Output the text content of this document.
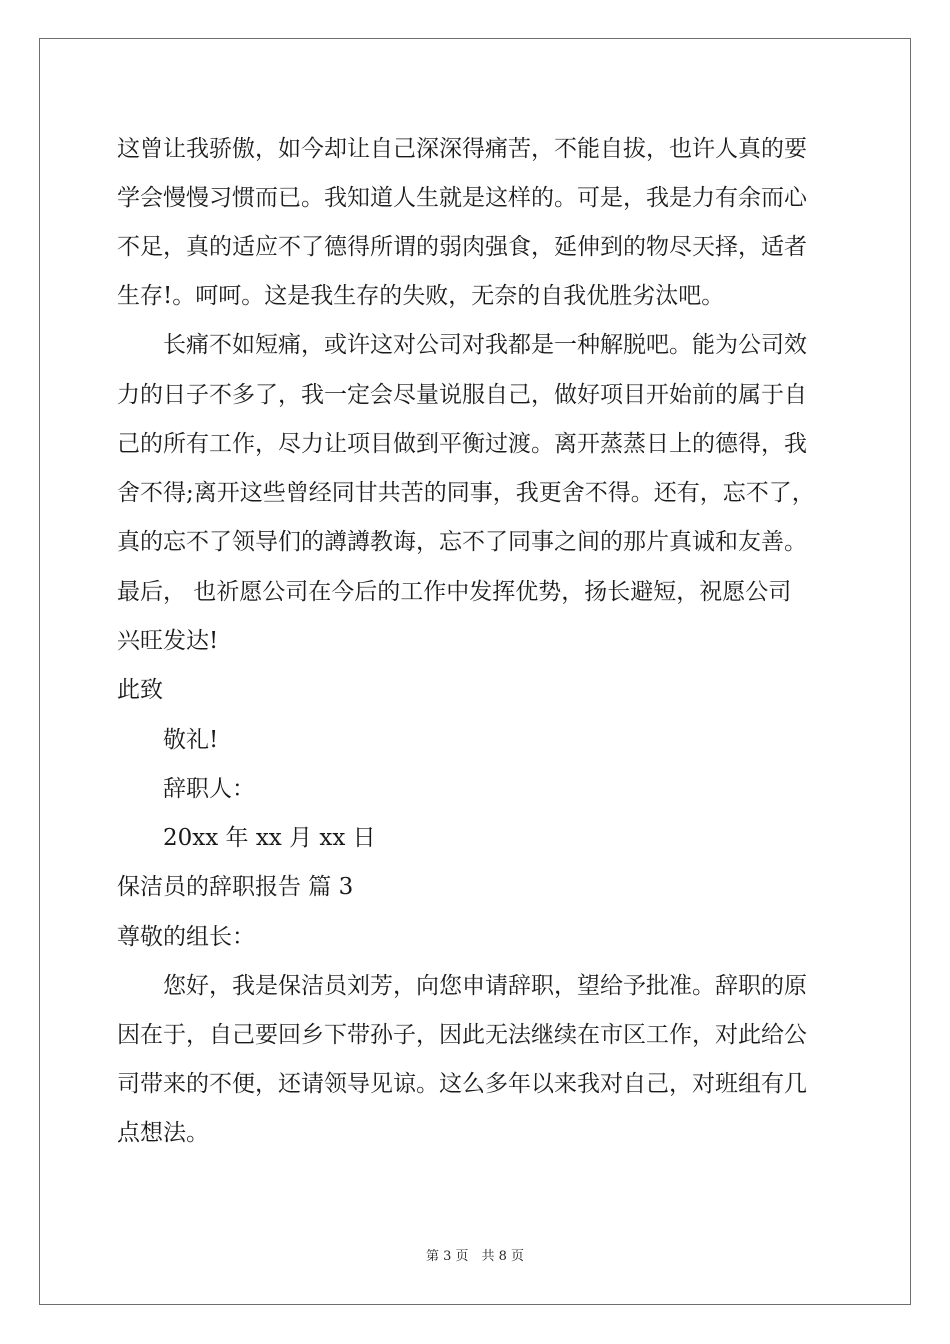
这曾让我骄傲，如今却让自己深深得痛苦，不能自拔，也许人真的要
学会慢慢习惯而已。我知道人生就是这样的。可是，我是力有余而心
不足，真的适应不了德得所谓的弱肉强食，延伸到的物尽天择，适者
生存!。呵呵。这是我生存的失败，无奈的自我优胜劣汰吧。
长痛不如短痛，或许这对公司对我都是一种解脱吧。能为公司效
力的日子不多了，我一定会尽量说服自己，做好项目开始前的属于自
己的所有工作，尽力让项目做到平衡过渡。离开蒸蒸日上的德得，我
舍不得;离开这些曾经同甘共苦的同事，我更舍不得。还有，忘不了，
真的忘不了领导们的譐譐教诲，忘不了同事之间的那片真诚和友善。
最后， 也祈愿公司在今后的工作中发挥优势，扬长避短，祝愿公司
兴旺发达!
此致
敬礼!
辞职人：
20xx 年 xx 月 xx 日
保洁员的辞职报告 篇 3
尊敬的组长：
您好，我是保洁员刘芳，向您申请辞职，望给予批准。辞职的原
因在于，自己要回乡下带孙子，因此无法继续在市区工作，对此给公
司带来的不便，还请领导见谅。这么多年以来我对自己，对班组有几
点想法。
第 3 页　共 8 页
